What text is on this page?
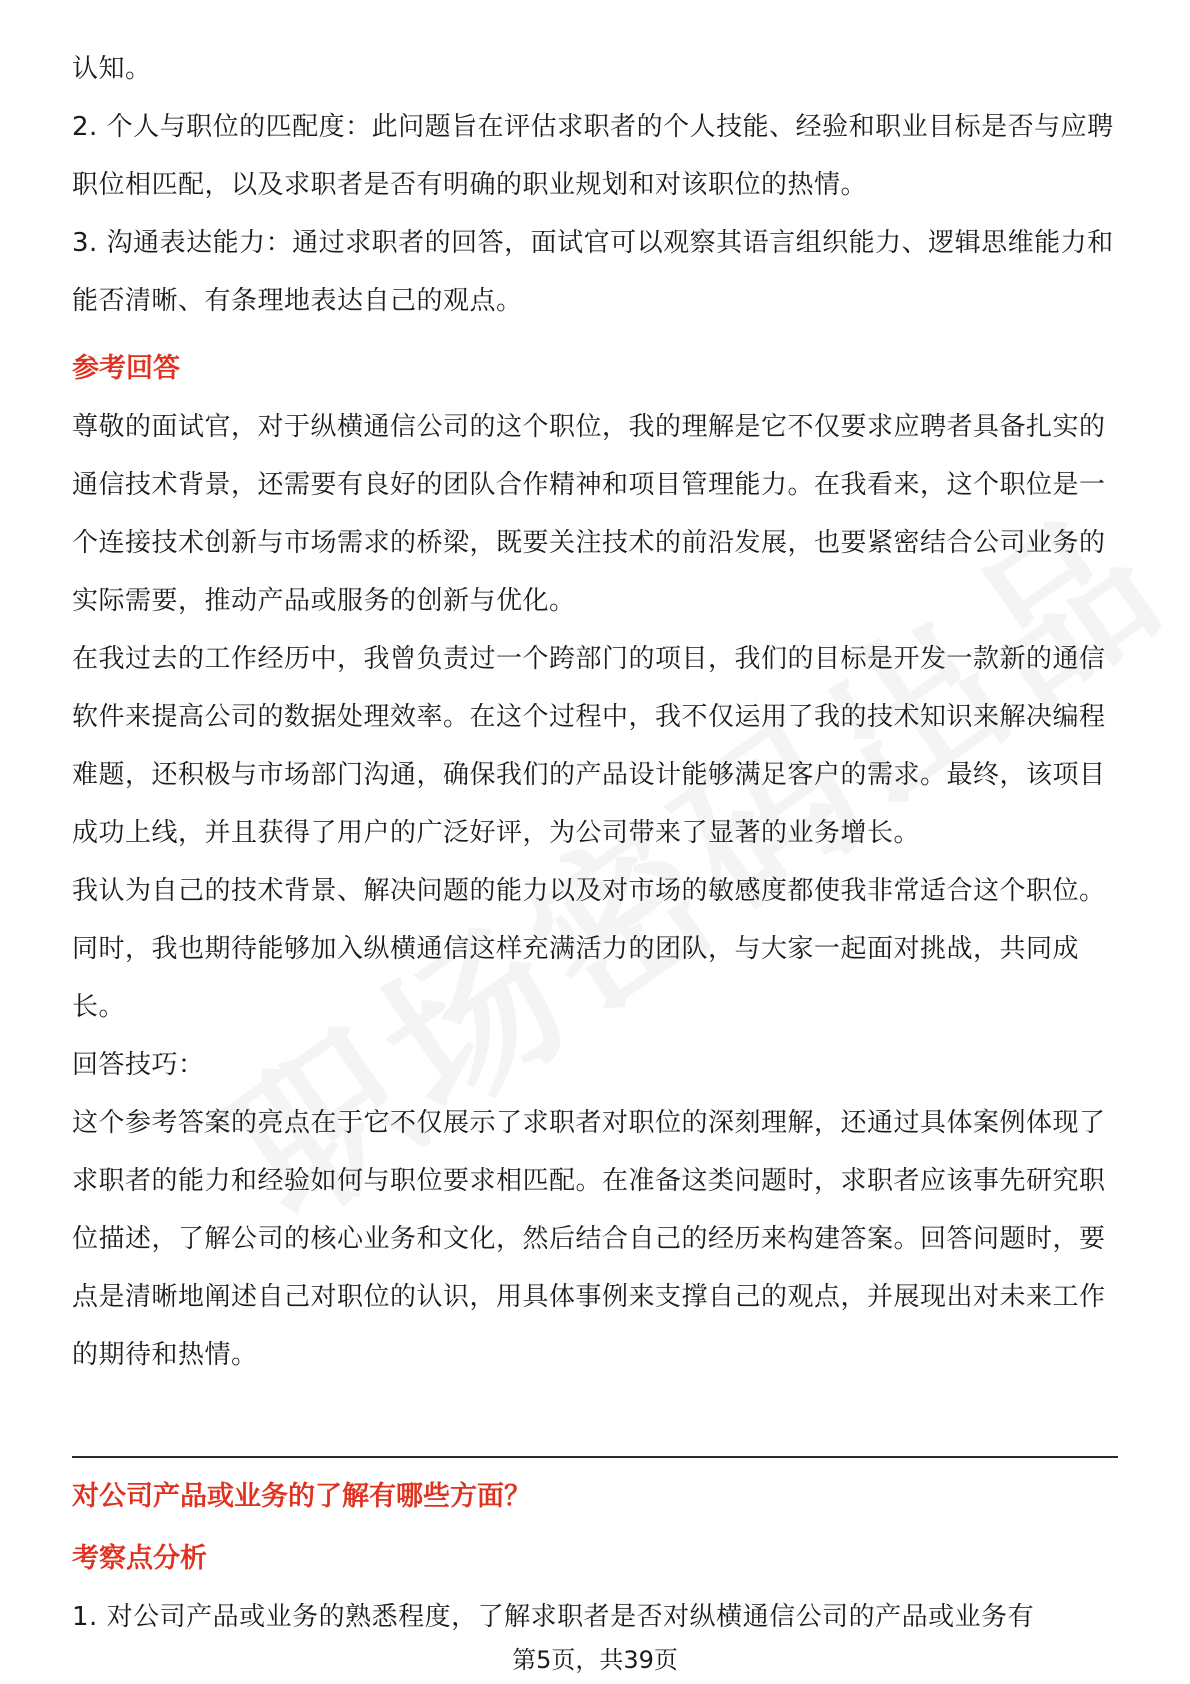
认知。

2. 个人与职位的匹配度：此问题旨在评估求职者的个人技能、经验和职业目标是否与应聘职位相匹配，以及求职者是否有明确的职业规划和对该职位的热情。

3. 沟通表达能力：通过求职者的回答，面试官可以观察其语言组织能力、逻辑思维能力和能否清晰、有条理地表达自己的观点。

参考回答

尊敬的面试官，对于纵横通信公司的这个职位，我的理解是它不仅要求应聘者具备扎实的通信技术背景，还需要有良好的团队合作精神和项目管理能力。在我看来，这个职位是一个连接技术创新与市场需求的桥梁，既要关注技术的前沿发展，也要紧密结合公司业务的实际需要，推动产品或服务的创新与优化。

在我过去的工作经历中，我曾负责过一个跨部门的项目，我们的目标是开发一款新的通信软件来提高公司的数据处理效率。在这个过程中，我不仅运用了我的技术知识来解决编程难题，还积极与市场部门沟通，确保我们的产品设计能够满足客户的需求。最终，该项目成功上线，并且获得了用户的广泛好评，为公司带来了显著的业务增长。

我认为自己的技术背景、解决问题的能力以及对市场的敏感度都使我非常适合这个职位。同时，我也期待能够加入纵横通信这样充满活力的团队，与大家一起面对挑战，共同成长。

回答技巧：

这个参考答案的亮点在于它不仅展示了求职者对职位的深刻理解，还通过具体案例体现了求职者的能力和经验如何与职位要求相匹配。在准备这类问题时，求职者应该事先研究职位描述，了解公司的核心业务和文化，然后结合自己的经历来构建答案。回答问题时，要点是清晰地阐述自己对职位的认识，用具体事例来支撑自己的观点，并展现出对未来工作的期待和热情。

对公司产品或业务的了解有哪些方面？

考察点分析

1. 对公司产品或业务的熟悉程度，了解求职者是否对纵横通信公司的产品或业务有

第5页，共39页
